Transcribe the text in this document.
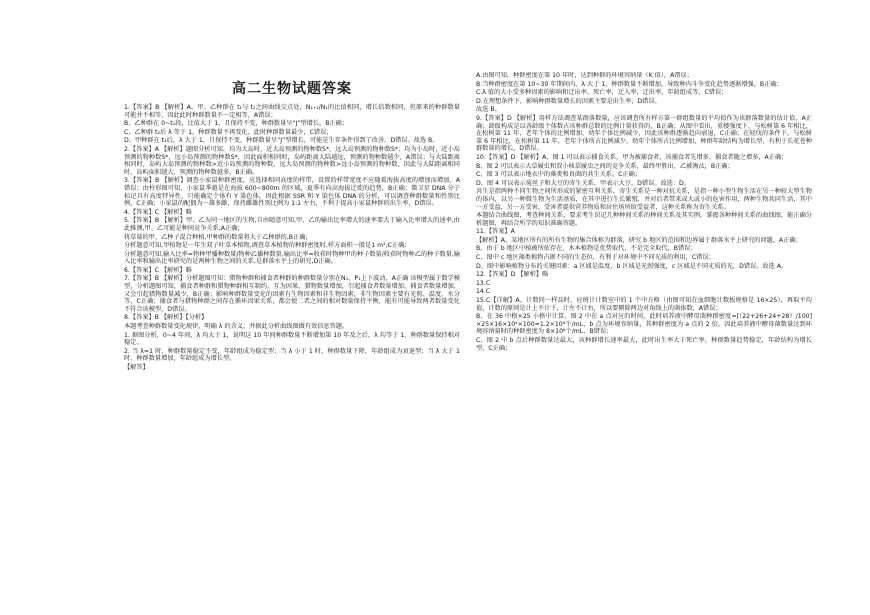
高二生物试题答案

1.【答案】B 【解析】A、甲、乙种群在 t₁与 t₂之间曲线交点处，N₁₊₁/N₁的比值相同，增长倍数相同，但原来的种群数量可能并不相等，因此此时种群数量不一定相等，A错误；

B、乙种群在 0~t₁段，比值大于 1，且保持不变，种群数量呈“J”型增长，B正确；

C、乙种群 t₂后 λ 等于 1，种群数量不再变化，此时种群数量最少，C错误；

D、甲种群在 t₃后，λ 大于 1，且保持不变，种群数量呈“J”型增长，可能是生存条件得到了改善，D错误。故选 B。

2.【答案】A 【解析】题图分析可知，均为大岛时，近大岛预测的物种数S*，远大岛预测的物种数S*；均为小岛时，近小岛预测的物种数S*，远小岛预测的物种数S*，因此面积相同时，岛屿距离大陆越远，预测的物种数越少，A错误；与大陆距离相同时，岛屿大岛预测的物种数>近小岛预测的物种数，远大岛预测的物种数>远小岛预测的物种数，因此与大陆距离相同时，岛屿面积越大，预测的物种数越多，B正确。

3.【答案】B 【解析】调查小家鼠种群密度，应选择相同高度的样带，设置的样带宽度不应随着海拔高度的增加而增加，A错误；由柱形图可知，小家鼠季越是在海拔 600~800m 的区域，夏季有向高海拔迁徙的趋势，B正确；微卫星 DNA 分子标记具有高度特异性，只能确定个体有 Y 染色体，因此根据 SSR 和 Y 染色体 DNA 的分析，可以调查种群数量和性别比例，C正确；小家鼠的配偶为一雄多雌，保持雌雄性别比例为 1:1 左右，不利于提高小家鼠种群的出生率，D错误。

4.【答案】C 【解析】略

5.【答案】B 【解析】甲、乙为同一地区的生物,自由随意可知,甲、乙的输出比率增大的速率要大于输入比率增大的速率,由此推测,甲、乙可能是种间竞争关系,A正确;

将草量的甲、乙种子混合种植,甲种群的数量将大于乙种群的,B正确;

分析题意可知,甲植物是一年生双子叶草本植物,调查草本植物的种群密度时,样方面积一般是1 m²,C正确;

分析题意可知,输入比率=物种甲播种数量/物种乙播种数量,输出比率=收获时物种甲的种子数量/收获时物种乙的种子数量,输入比率和输出比率研究的是两种生物之间的关系,是群落水平上的研究,D正确。

6.【答案】C 【解析】略

7.【答案】B 【解析】分析题图可知：猎物种群和捕食者种群的种群数量分别在N₁、P₁上下波动，A正确 该模型属于数学模型，分析题图可知，捕食者种群和猎物种群相互制约，互为因果，猎物数量增加，引起捕食者数量增加，捕食者数量增加，又会引起猎物数量减少，B正确；影响种群数量变化的因素有生物因素和非生物因素，非生物因素主要有光照、温度、水分等，C正确；捕食者与猎物种群之间存在循环因果关系，都会使二者之间的相对数量保持平衡，能有可能导致两者数量变化不符合该模型，D错误。

8.【答案】B 【解析】【分析】

本题考查种群数量变化规律，明确 λ 的含义，并据此分析曲线图做有效信息答题。

1. 据图分析，0~4 年间，λ 均大于 1，说明这 10 年间种群数量不断增加第 10 年及之后，λ 均等于 1，种群数量保持相对稳定。

2. 当 λ=1 时，种群数量稳定不变，年龄组成为稳定型；当 λ 小于 1 时，种群数量下降，年龄组成为衰退型；当 λ 大于 1 时，种群数量增加，年龄组成为增长型。

【解答】

A.由图可知，种群密度在第 10 年时，达到种群的环境容纳量（K 值），A错误；

B.当种群密度在第 10~30 年期间内，λ 大于 1，种群数量不断增加，导致种内斗争变化趋势逐渐增强，B正确；

C.λ 值的大小受多种因素的影响和迁出率、死亡率，迁入率，迁出率，年龄组成等，C错误；

D.在理想条件下，影响种群数量增长的因素主要是出生率，D错误。

故选 B。

9.【答案】D 【解析】用样方法调查某群落数量，应该调查所有样方第一群组数量的平均值作为该群落数量的估计值，A正确；龄级构成是以各龄级个体数占该种群总数的比例计量获得的，B正确；从图中看出，重楼强度下，与松树第 6 年相比，在松树第 11 年，老年个体的比例增加，幼年个体比例减少，因此该种群逐渐趋向衰退，C正确；在轻伐的条件下，与松树第 6 年相比，在松树第 11 年，老年个体所占比例减少，幼年个体所占比例增加，种群年龄结构为增长型，有利于长花苍种群数量的增长，D错误。

10.【答案】D 【解析】A、图 1 可以表示捕食关系，甲为被捕食者，该捕食者先增多，捕食者随之增多，A正确；

B、图 2 可以表示大草履虫和双小核草履虫之间的竞争关系，最终甲胜出，乙被淘汰，B正确；

C、图 3 可以表示地衣中的藻类和真菌的共生关系，C正确；

D、图 4 可以表示菟丝子和大豆的寄生关系，甲表示大豆，D错误。故选：D。

共生是指两种不同生物之间所形成的紧密互利关系，寄生关系是一种对抗关系，是指一种小型生物生活在另一种较大型生物的体内，以另一种微生物为生活基质，在其中进行生长繁殖，并对后者带来或大或小的危害作用，两种生物共同生活，其中一方受益，另一方受害，受害者提供营养物质和居住场所给受益者，这种关系称为寄生关系。

本题结合曲线图，考查种间关系，要求考生识记几种种间关系的种间关系及其实例，掌握各种种间关系的曲线图，能正确分析题图，再结合所学的知识准确答题。

11.【答案】A

【解析】A、某地区所有的所有生物的集合体称为群落，研究 b 地区的范围和边界属于群落水平上研究的问题，A正确；

B、由于 b 地区中植被所依存在，木本植物是优势取代，不是完全取代，B错误；

C、图中 c 地区藻类植物占据不同的生态位，有利于对环境中不同光质的利用，C错误；

D、图中影响植物分布的关键因素：a 区域是温度，b 区域是光照强度，c 区域是不同光质的光，D错误。故选 A。

12.【答案】D 【解析】略

13.C

14.C

15.C【详解】A、计数同一样品时，应统计计数室中的 1 个中方格（由图可知在血细胞计数板规格是 16×25），再取平均值，计数的原则是计上不计下，计左不计右，所以要剔除两边对角线上的菌体数，A错误；

B、在 36 中格×25 小格中计算，图 2 中在 a 点对应的时间，此时培养液中酵母菌种群密度=[（22+26+24+28）/100]×25×16×10⁴×100=1.2×10⁸个/mL，b 点为环境容纳量，其种群密度为 a 点的 2 倍，因此培养液中酵母菌数量达到环境容纳量时的种群密度为 8×10⁸个/mL，B错误；

C、图 2 中 b 点后种群数量达最大，该种群增长速率最大，此时出生率大于死亡率，种群数量趋势稳定，年龄结构为增长型，C正确；
